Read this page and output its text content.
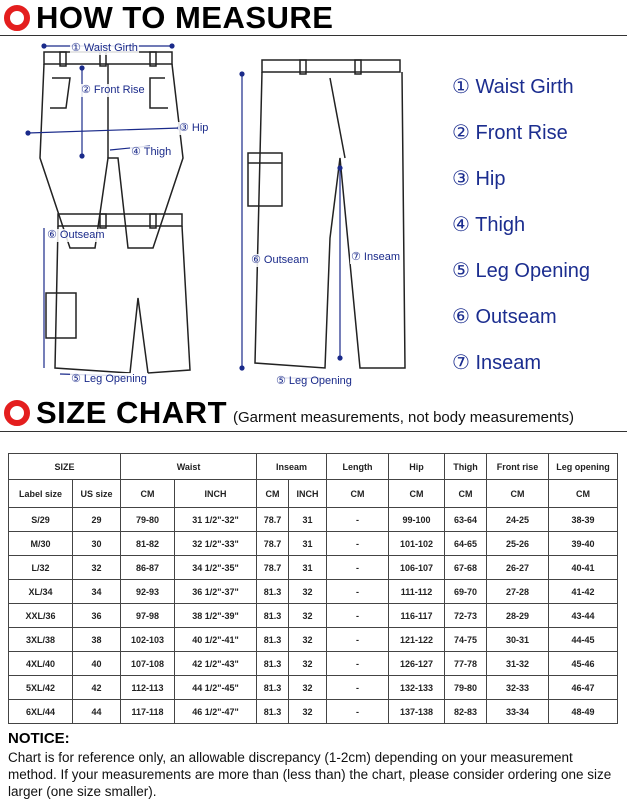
HOW TO MEASURE
① Waist Girth
② Front Rise
③ Hip
④ Thigh
⑥ Outseam
⑤ Leg Opening
⑥ Outseam	⑦ Inseam
⑤ Leg Opening
① Waist Girth
② Front Rise
③ Hip
④ Thigh
⑤ Leg Opening
⑥ Outseam
⑦ Inseam
SIZE CHART (Garment measurements, not body measurements)
SIZE		Waist		Inseam		Length	Hip	Thigh	Front rise	Leg opening
Label size	US size	CM	INCH	CM	INCH	CM	CM	CM	CM	CM
S/29	29	79-80	31 1/2"-32"	78.7	31	-	99-100	63-64	24-25	38-39
M/30	30	81-82	32 1/2"-33"	78.7	31	-	101-102	64-65	25-26	39-40
L/32	32	86-87	34 1/2"-35"	78.7	31	-	106-107	67-68	26-27	40-41
XL/34	34	92-93	36 1/2"-37"	81.3	32	-	111-112	69-70	27-28	41-42
XXL/36	36	97-98	38 1/2"-39"	81.3	32	-	116-117	72-73	28-29	43-44
3XL/38	38	102-103	40 1/2"-41"	81.3	32	-	121-122	74-75	30-31	44-45
4XL/40	40	107-108	42 1/2"-43"	81.3	32	-	126-127	77-78	31-32	45-46
5XL/42	42	112-113	44 1/2"-45"	81.3	32	-	132-133	79-80	32-33	46-47
6XL/44	44	117-118	46 1/2"-47"	81.3	32	-	137-138	82-83	33-34	48-49
NOTICE:

Chart is for reference only, an allowable discrepancy (1-2cm) depending on your measurement method. If your measurements are more than (less than) the chart, please consider ordering one size larger (one size smaller).
